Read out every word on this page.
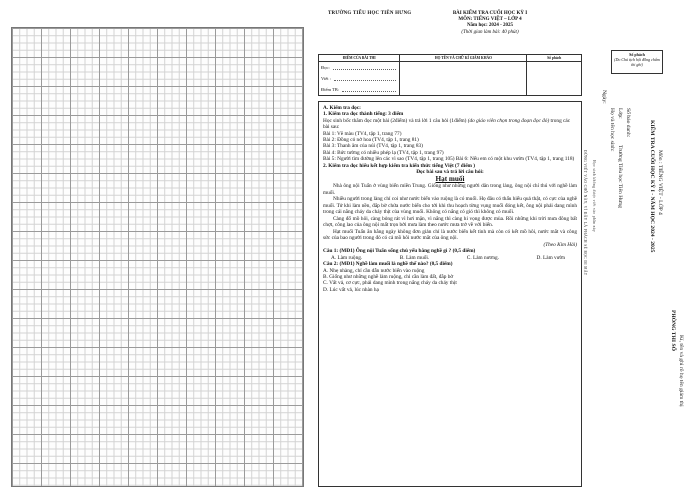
TRƯỜNG TIỂU HỌC TIÊN HƯNG	BÀI KIỂM TRA CUỐI HỌC KỲ I
MÔN: TIẾNG VIỆT – LỚP 4
Năm học: 2024 - 2025
(Thời gian làm bài: 40 phút)
ĐIỂM CỦA BÀI THI	HỌ TÊN VÀ CHỮ KÍ GIÁM KHẢO	Số phách
Đọc:
Viết :
Điểm TB:

A. Kiểm tra đọc:

1. Kiểm tra đọc thành tiếng: 3 điểm

Học sinh bốc thăm đọc một bài (2điểm) và trả lời 1 câu hỏi (1điểm) (do giáo viên chọn trong đoạn đọc đó) trong các bài sau:

Bài 1: Vẽ màu (TV4, tập 1, trang 77)

Bài 2: Đồng cỏ nở hoa (TV4, tập 1, trang 81)

Bài 3: Thanh âm của núi (TV4, tập 1, trang 83)

Bài 4: Bức tường có nhiều phép lạ (TV4, tập 1, trang 97)

Bài 5: Người tìm đường lên các vì sao (TV4, tập 1, trang 105) Bài 6: Nếu em có một khu vườn (TV4, tập 1, trang 118)

2. Kiểm tra đọc hiểu kết hợp kiểm tra kiến thức tiếng Việt (7 điểm )

Đọc bài sau và trả lời câu hỏi:

Hạt muối

Nhà ông nội Tuấn ở vùng biển miền Trung. Giống như những người dân trong làng, ông nội chí thú với nghề làm muối.

Nhiều người trong làng chỉ coi như nước biển vào ruộng là có muối. Họ đâu có thấu hiểu quả thật, có cực của nghề muối. Tử khi làm nền, đắp bờ chứa nước biển cho tới khi thu hoạch từng vụng muối đóng kết, ông nội phải dang mình trong cái nắng cháy da cháy thịt của vùng muối. Không có nắng có gió thì không có muối.

Càng đổ mồ hôi, càng bỏng rát vì hơi mặn, vì nắng thì càng hi vọng được mùa. Rồi những khi trời mưa đông bất chợt, công lao của ông nội mất trọn bởi mưa làm theo nước mưa trở về với biển.

Hạt muối Tuấn ăn hằng ngày không đơn giản chỉ là nước biển kết tinh mà còn có kết mồ hôi, nước mắt và công sức của bao người trong đó có cả mồ hôi nước mắt của ông nội.

(Theo Kim Hải)

Câu 1: (MĐ1) Ông nội Tuấn sống chủ yếu bằng nghề gì ? (0,5 điểm)

A. Làm ruộng.	B. Làm muối.	C. Làm nương.	D. Làm vườn

Câu 2: (MĐ1) Nghề làm muối là nghề thế nào? (0,5 điểm)

A. Nhẹ nhàng, chỉ cần dẫn nước biển vào ruộng

B. Giống như những nghề làm ruộng, chỉ cần làm đất, đắp bờ

C. Vất vả, cơ cực, phải dang mình trong nắng cháy da cháy thịt

D. Lúc vất vả, lúc nhàn hạ

ĐỪNG VIẾT VÀO CHỖ NÀY, VÌ ĐÂY LÀ PHÁCH SẼ RỌC ĐI MẤT Học sinh không được viết vào phần này
Ngày:
Họ và tên học sinh: Lớp:
Trường Tiểu học Tiên Hưng
Số báo danh:
Số phách
(Do Chủ tịch hội đồng chấm thi ghi)
KIỂM TRA CUỐI HỌC KỲ I - NĂM HỌC 2024 - 2025 Môn : TIẾNG VIỆT - LỚP 4
PHÒNG THI SỐ
Kí, tên và ghi rõ họ tên giám thị
